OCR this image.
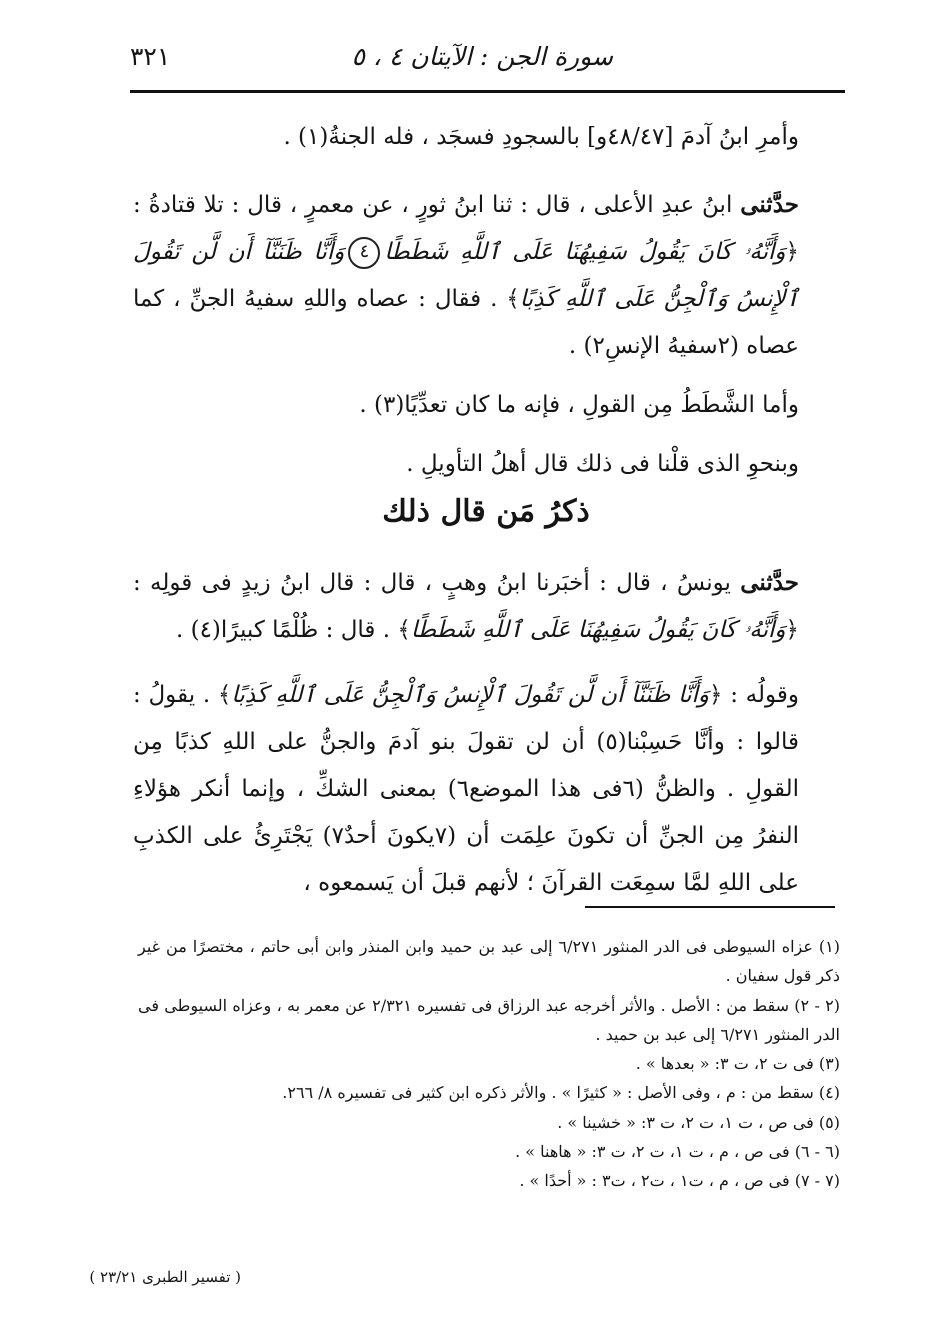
٣٢١	سورة الجن : الآيتان ٤ ، ٥

وأمرِ ابنُ آدمَ [٤٨/٤٧و] بالسجودِ فسجَد ، فله الجنةُ(١) .

حدَّثنى ابنُ عبدِ الأعلى ، قال : ثنا ابنُ ثورٍ ، عن معمرٍ ، قال : تلا قتادةُ : ﴿وَأَنَّهُۥ كَانَ يَقُولُ سَفِيهُنَا عَلَى ٱللَّهِ شَطَطًا٤وَأَنَّا ظَنَنَّآ أَن لَّن تَقُولَ ٱلْإِنسُ وَٱلْجِنُّ عَلَى ٱللَّهِ كَذِبًا﴾ . فقال : عصاه واللهِ سفيهُ الجنِّ ، كما عصاه (٢سفيهُ الإنسِ٢) .

وأما الشَّطَطُ مِن القولِ ، فإنه ما كان تعدِّيًا(٣) .

وبنحوِ الذى قلْنا فى ذلك قال أهلُ التأويلِ .

ذكرُ مَن قال ذلك

حدَّثنى يونسُ ، قال : أخبَرنا ابنُ وهبٍ ، قال : قال ابنُ زيدٍ فى قولِه : ﴿وَأَنَّهُۥ كَانَ يَقُولُ سَفِيهُنَا عَلَى ٱللَّهِ شَطَطًا﴾ . قال : ظُلْمًا كبيرًا(٤) .

وقولُه : ﴿وَأَنَّا ظَنَنَّآ أَن لَّن تَقُولَ ٱلْإِنسُ وَٱلْجِنُّ عَلَى ٱللَّهِ كَذِبًا﴾ . يقولُ : قالوا : وأنَّا حَسِبْنا(٥) أن لن تقولَ بنو آدمَ والجنُّ على اللهِ كذبًا مِن القولِ . والظنُّ (٦فى هذا الموضع٦) بمعنى الشكِّ ، وإنما أنكر هؤلاءِ النفرُ مِن الجنِّ أن تكونَ علِمَت أن (٧يكونَ أحدٌ٧) يَجْتَرِئُ على الكذبِ على اللهِ لمَّا سمِعَت القرآنَ ؛ لأنهم قبلَ أن يَسمعوه ،

(١) عزاه السيوطى فى الدر المنثور ٦/٢٧١ إلى عبد بن حميد وابن المنذر وابن أبى حاتم ، مختصرًا من غير ذكر قول سفيان .

(٢ - ٢) سقط من : الأصل . والأثر أخرجه عبد الرزاق فى تفسيره ٢/٣٢١ عن معمر به ، وعزاه السيوطى فى الدر المنثور ٦/٢٧١ إلى عبد بن حميد .

(٣) فى ت ٢، ت ٣: « بعدها » .

(٤) سقط من : م ، وفى الأصل : « كثيرًا » . والأثر ذكره ابن كثير فى تفسيره ٨/ ٢٦٦.

(٥) فى ص ، ت ١، ت ٢، ت ٣: « خشينا » .

(٦ - ٦) فى ص ، م ، ت ١، ت ٢، ت ٣: « هاهنا » .

(٧ - ٧) فى ص ، م ، ت١ ، ت٢ ، ت٣ : « أحدًا » .

( تفسير الطبرى ٢٣/٢١ )
